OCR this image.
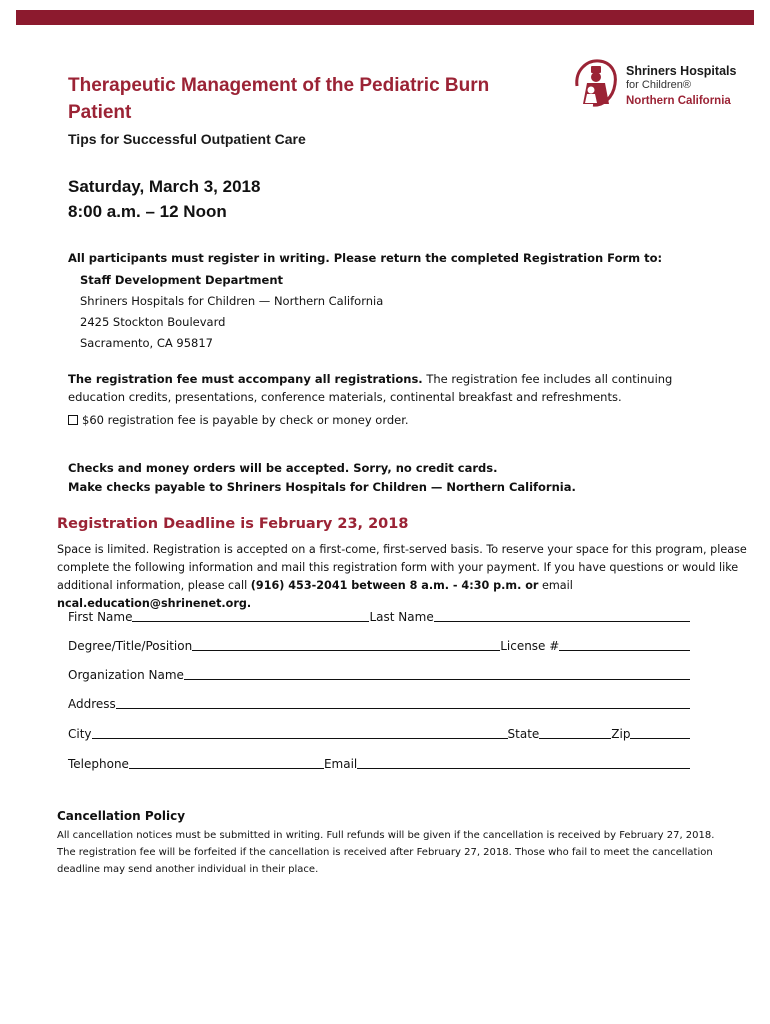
Therapeutic Management of the Pediatric Burn Patient
Tips for Successful Outpatient Care
Shriners Hospitals
for Children®
Northern California
Saturday, March 3, 2018
8:00 a.m. – 12 Noon
All participants must register in writing. Please return the completed Registration Form to:
Staff Development Department
Shriners Hospitals for Children — Northern California
2425 Stockton Boulevard
Sacramento, CA 95817
The registration fee must accompany all registrations. The registration fee includes all continuing education credits, presentations, conference materials, continental breakfast and refreshments.
$60 registration fee is payable by check or money order.
Checks and money orders will be accepted. Sorry, no credit cards.
Make checks payable to Shriners Hospitals for Children — Northern California.
Registration Deadline is February 23, 2018
Space is limited. Registration is accepted on a first-come, first-served basis. To reserve your space for this program, please complete the following information and mail this registration form with your payment. If you have questions or would like additional information, please call (916) 453-2041 between 8 a.m. - 4:30 p.m. or email ncal.education@shrinenet.org.
First Name	Last Name
Degree/Title/Position	License #
Organization Name
Address
City	State	Zip
Telephone	Email
Cancellation Policy
All cancellation notices must be submitted in writing. Full refunds will be given if the cancellation is received by February 27, 2018. The registration fee will be forfeited if the cancellation is received after February 27, 2018. Those who fail to meet the cancellation deadline may send another individual in their place.
